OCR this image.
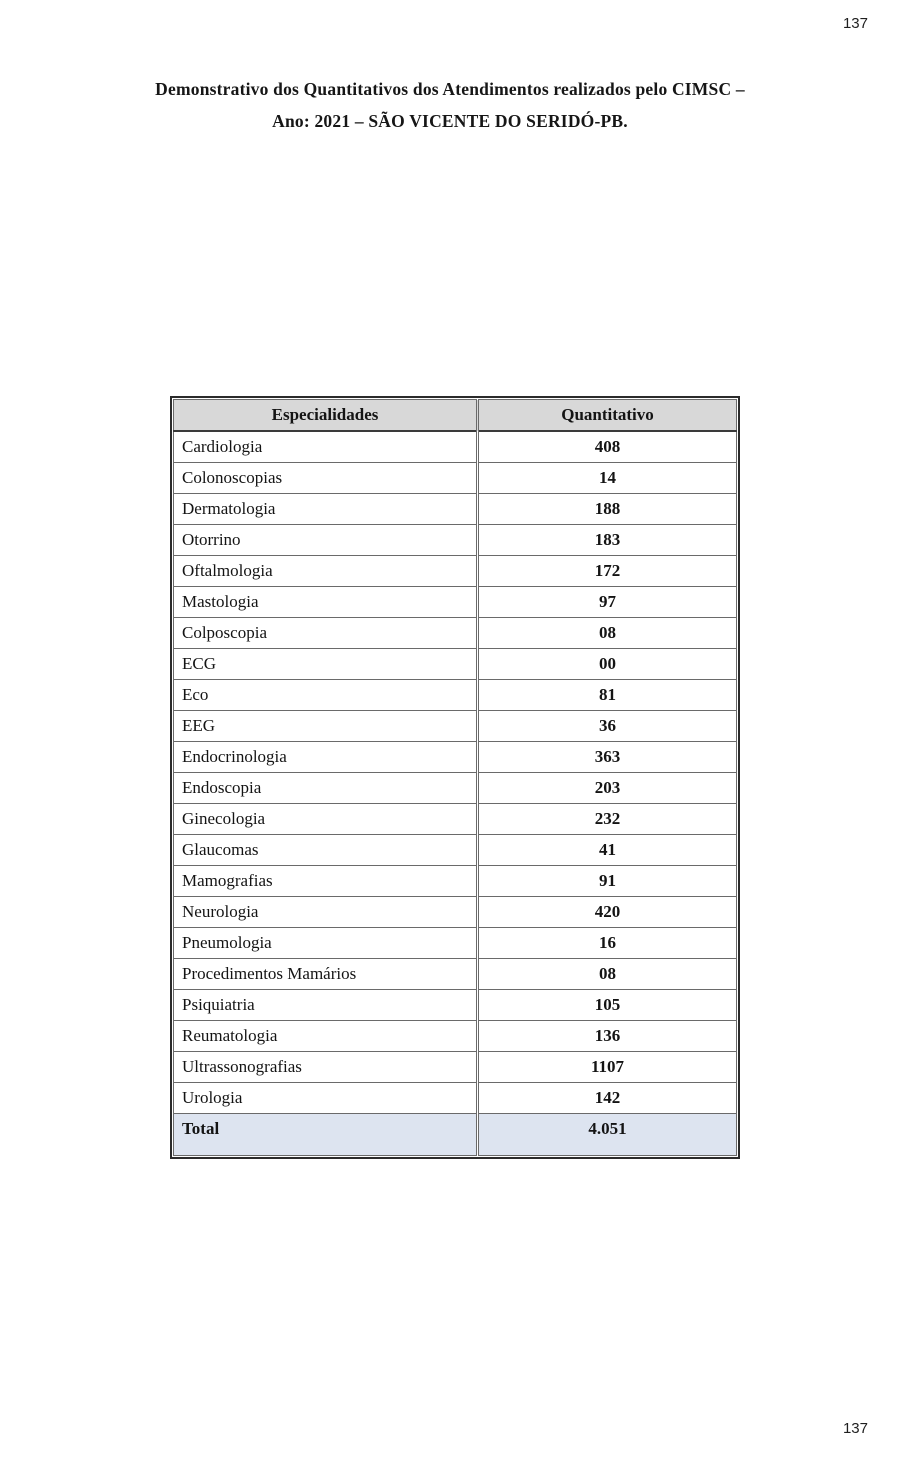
137
Demonstrativo dos Quantitativos dos Atendimentos realizados pelo CIMSC –
Ano: 2021 – SÃO VICENTE DO SERIDÓ-PB.
Especialidades	Quantitativo
Cardiologia	408
Colonoscopias	14
Dermatologia	188
Otorrino	183
Oftalmologia	172
Mastologia	97
Colposcopia	08
ECG	00
Eco	81
EEG	36
Endocrinologia	363
Endoscopia	203
Ginecologia	232
Glaucomas	41
Mamografias	91
Neurologia	420
Pneumologia	16
Procedimentos Mamários	08
Psiquiatria	105
Reumatologia	136
Ultrassonografias	1107
Urologia	142
Total	4.051
137
